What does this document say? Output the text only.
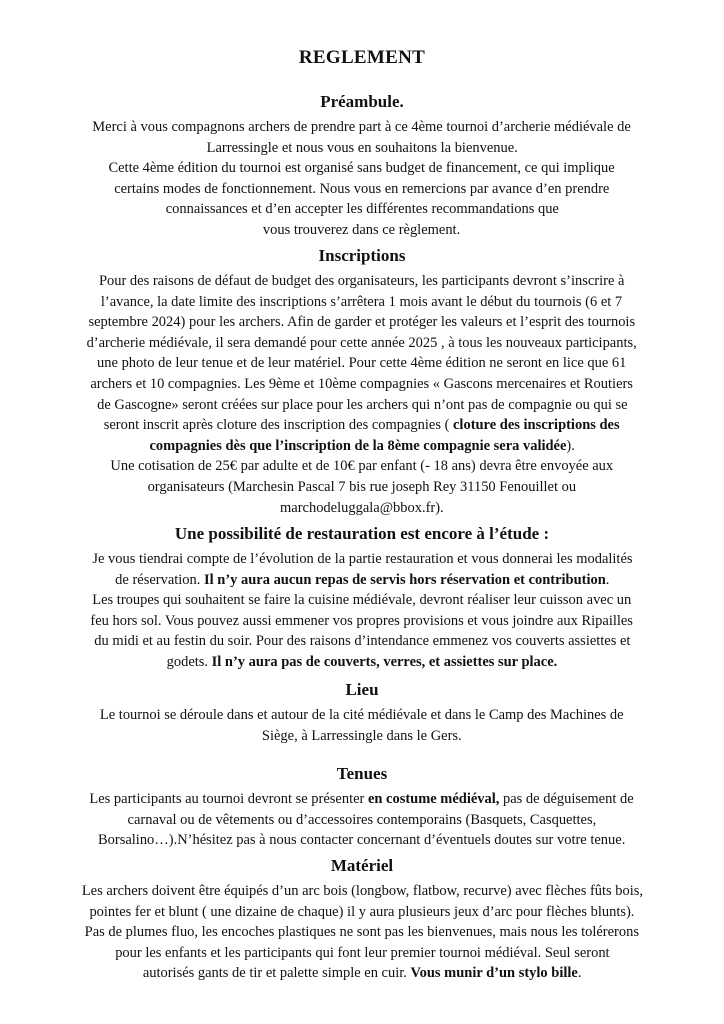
REGLEMENT
Préambule.
Merci à vous compagnons archers de prendre part à ce 4ème tournoi d’archerie médiévale de
Larressingle et nous vous en souhaitons la bienvenue.
Cette 4ème édition du tournoi est organisé sans budget de financement, ce qui implique
certains modes de fonctionnement. Nous vous en remercions par avance d’en prendre
connaissances et d’en accepter les différentes recommandations que
vous trouverez dans ce règlement.
Inscriptions
Pour des raisons de défaut de budget des organisateurs, les participants devront s’inscrire à
l’avance, la date limite des inscriptions s’arrêtera 1 mois avant le début du tournois (6 et 7
septembre 2024) pour les archers. Afin de garder et protéger les valeurs et l’esprit des tournois
d’archerie médiévale, il sera demandé pour cette année 2025 , à tous les nouveaux participants,
une photo de leur tenue et de leur matériel. Pour cette 4ème édition ne seront en lice que 61
archers et 10 compagnies. Les 9ème et 10ème compagnies « Gascons mercenaires et Routiers
de Gascogne» seront créées sur place pour les archers qui n’ont pas de compagnie ou qui se
seront inscrit après cloture des inscription des compagnies ( cloture des inscriptions des
compagnies dès que l’inscription de la 8ème compagnie sera validée).
Une cotisation de 25€ par adulte et de 10€ par enfant (- 18 ans) devra être envoyée aux
organisateurs (Marchesin Pascal 7 bis rue joseph Rey 31150 Fenouillet ou
marchodeluggala@bbox.fr).
Une possibilité de restauration est encore à l’étude :
Je vous tiendrai compte de l’évolution de la partie restauration et vous donnerai les modalités
de réservation. Il n’y aura aucun repas de servis hors réservation et contribution.
Les troupes qui souhaitent se faire la cuisine médiévale, devront réaliser leur cuisson avec un
feu hors sol. Vous pouvez aussi emmener vos propres provisions et vous joindre aux Ripailles
du midi et au festin du soir. Pour des raisons d’intendance emmenez vos couverts assiettes et
godets. Il n’y aura pas de couverts, verres, et assiettes sur place.
Lieu
Le tournoi se déroule dans et autour de la cité médiévale et dans le Camp des Machines de
Siège, à Larressingle dans le Gers.
Tenues
Les participants au tournoi devront se présenter en costume médiéval, pas de déguisement de
carnaval ou de vêtements ou d’accessoires contemporains (Basquets, Casquettes,
Borsalino…).N’hésitez pas à nous contacter concernant d’éventuels doutes sur votre tenue.
Matériel
Les archers doivent être équipés d’un arc bois (longbow, flatbow, recurve) avec flèches fûts bois,
pointes fer et blunt ( une dizaine de chaque) il y aura plusieurs jeux d’arc pour flèches blunts).
Pas de plumes fluo, les encoches plastiques ne sont pas les bienvenues, mais nous les tolérerons
pour les enfants et les participants qui font leur premier tournoi médiéval. Seul seront
autorisés gants de tir et palette simple en cuir. Vous munir d’un stylo bille.
